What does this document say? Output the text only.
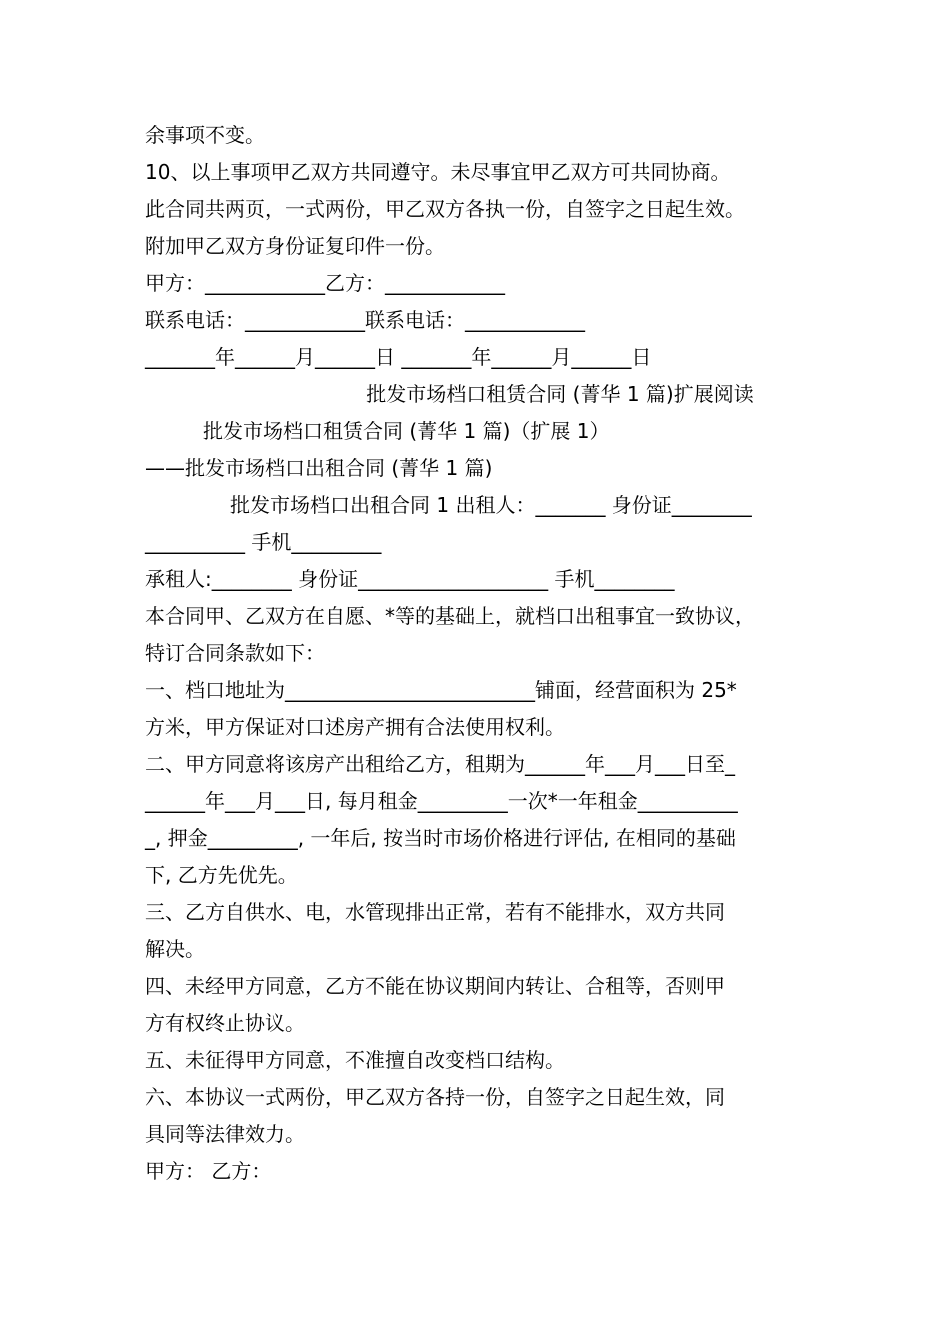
余事项不变。
10、以上事项甲乙双方共同遵守。未尽事宜甲乙双方可共同协商。
此合同共两页，一式两份，甲乙双方各执一份，自签字之日起生效。
附加甲乙双方身份证复印件一份。
甲方：____________乙方：____________
联系电话：____________联系电话：____________
_______年______月______日 _______年______月______日
批发市场档口租赁合同 (菁华 1 篇)扩展阅读
批发市场档口租赁合同 (菁华 1 篇)（扩展 1）
——批发市场档口出租合同 (菁华 1 篇)
批发市场档口出租合同 1 出租人：_______ 身份证________
__________ 手机_________
承租人:________ 身份证___________________ 手机________
本合同甲、乙双方在自愿、*等的基础上，就档口出租事宜一致协议，
特订合同条款如下：
一、档口地址为_________________________铺面，经营面积为 25*
方米，甲方保证对口述房产拥有合法使用权利。
二、甲方同意将该房产出租给乙方，租期为______年___月___日至_
______年___月___日, 每月租金_________一次*一年租金__________
_, 押金_________, 一年后, 按当时市场价格进行评估, 在相同的基础
下, 乙方先优先。
三、乙方自供水、电，水管现排出正常，若有不能排水，双方共同
解决。
四、未经甲方同意，乙方不能在协议期间内转让、合租等，否则甲
方有权终止协议。
五、未征得甲方同意，不准擅自改变档口结构。
六、本协议一式两份，甲乙双方各持一份，自签字之日起生效，同
具同等法律效力。
甲方： 乙方：
